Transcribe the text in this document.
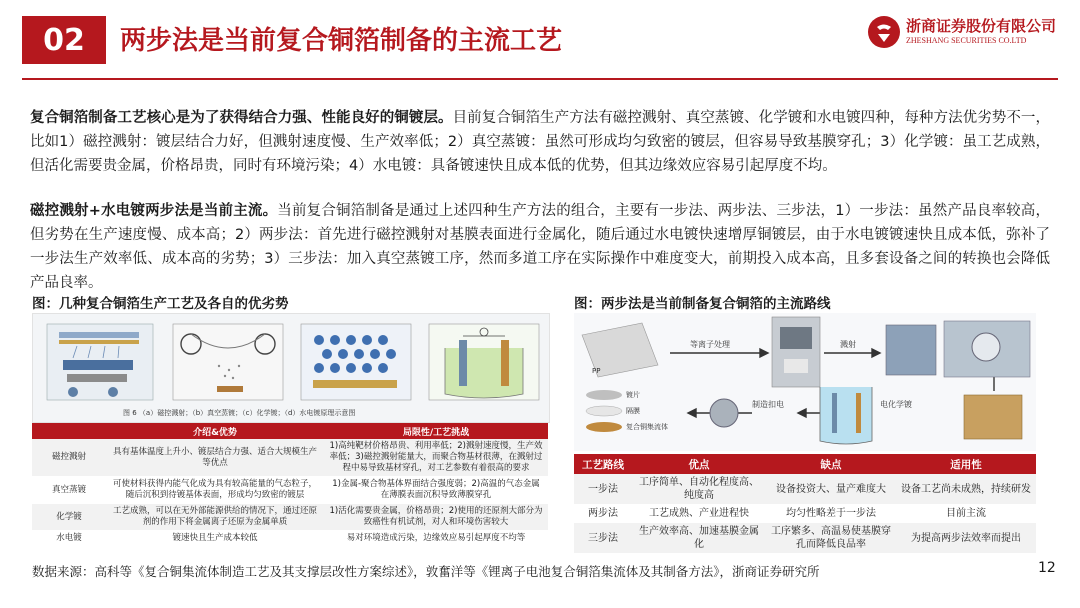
02 两步法是当前复合铜箔制备的主流工艺	浙商证券股份有限公司
ZHESHANG SECURITIES CO.LTD
复合铜箔制备工艺核心是为了获得结合力强、性能良好的铜镀层。目前复合铜箔生产方法有磁控溅射、真空蒸镀、化学镀和水电镀四种，每种方法优劣势不一，比如1）磁控溅射：镀层结合力好，但溅射速度慢、生产效率低；2）真空蒸镀：虽然可形成均匀致密的镀层，但容易导致基膜穿孔；3）化学镀：虽工艺成熟，但活化需要贵金属，价格昂贵，同时有环境污染；4）水电镀：具备镀速快且成本低的优势，但其边缘效应容易引起厚度不均。
磁控溅射+水电镀两步法是当前主流。当前复合铜箔制备是通过上述四种生产方法的组合，主要有一步法、两步法、三步法，1）一步法：虽然产品良率较高，但劣势在生产速度慢、成本高；2）两步法：首先进行磁控溅射对基膜表面进行金属化，随后通过水电镀快速增厚铜镀层，由于水电镀镀速快且成本低，弥补了一步法生产效率低、成本高的劣势；3）三步法：加入真空蒸镀工序，然而多道工序在实际操作中难度变大，前期投入成本高，且多套设备之间的转换也会降低产品良率。
图：几种复合铜箔生产工艺及各自的优劣势
图 6 （a）磁控溅射；（b）真空蒸镀；（c）化学镀；（d）水电镀原理示意图
	介绍&优势	局限性/工艺挑战
磁控溅射	具有基体温度上升小、镀层结合力强、适合大规模生产等优点	1)高纯靶材价格昂贵、利用率低；2)溅射速度慢，生产效率低；3)磁控溅射能量大，而聚合物基材很薄，在溅射过程中易导致基材穿孔，对工艺参数有着很高的要求
真空蒸镀	可使材料获得内能气化成为具有较高能量的气态粒子，随后沉积到待镀基体表面，形成均匀致密的镀层	1)金属-聚合物基体界面结合强度弱；2)高温的气态金属在薄膜表面沉积导致薄膜穿孔
化学镀	工艺成熟，可以在无外部能源供给的情况下，通过还原剂的作用下将金属离子还原为金属单质	1)活化需要贵金属，价格昂贵；2)使用的还原剂大部分为致癌性有机试剂，对人和环境伤害较大
水电镀	镀速快且生产成本较低	易对环境造成污染，边缘效应易引起厚度不均等
图：两步法是当前制备复合铜箔的主流路线
PP
等离子处理	溅射
镀片
隔膜
复合铜集流体
制造扣电	电化学镀
工艺路线	优点	缺点	适用性
一步法	工序简单、自动化程度高、纯度高	设备投资大、量产难度大	设备工艺尚未成熟，持续研发
两步法	工艺成熟、产业进程快	均匀性略差于一步法	目前主流
三步法	生产效率高、加速基膜金属化	工序繁多、高温易使基膜穿孔而降低良品率	为提高两步法效率而提出
数据来源：高科等《复合铜集流体制造工艺及其支撑层改性方案综述》，敦奮洋等《锂离子电池复合铜箔集流体及其制备方法》，浙商证券研究所	12
